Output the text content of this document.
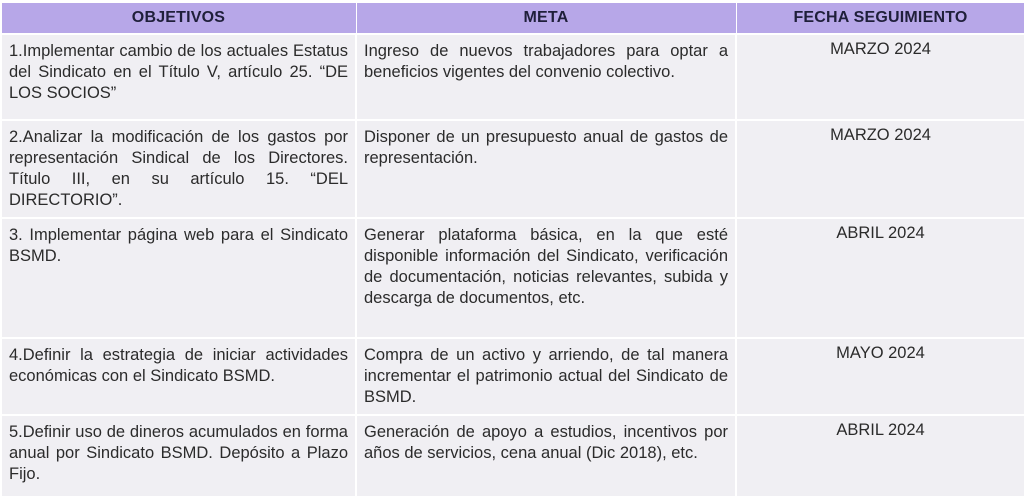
OBJETIVOS	META	FECHA SEGUIMIENTO
1.Implementar cambio de los actuales Estatus del Sindicato en el Título V, artículo 25. “DE LOS SOCIOS”	Ingreso de nuevos trabajadores para optar a beneficios vigentes del convenio colectivo.	MARZO 2024
2.Analizar la modificación de los gastos por representación Sindical de los Directores. Título III, en su artículo 15. “DEL DIRECTORIO”.	Disponer de un presupuesto anual de gastos de representación.	MARZO 2024
3. Implementar página web para el Sindicato BSMD.	Generar plataforma básica, en la que esté disponible información del Sindicato, verificación de documentación, noticias relevantes, subida y descarga de documentos, etc.	ABRIL 2024
4.Definir la estrategia de iniciar actividades económicas con el Sindicato BSMD.	Compra de un activo y arriendo, de tal manera incrementar el patrimonio actual del Sindicato de BSMD.	MAYO 2024
5.Definir uso de dineros acumulados en forma anual por Sindicato BSMD. Depósito a Plazo Fijo.	Generación de apoyo a estudios, incentivos por años de servicios, cena anual (Dic 2018), etc.	ABRIL 2024
